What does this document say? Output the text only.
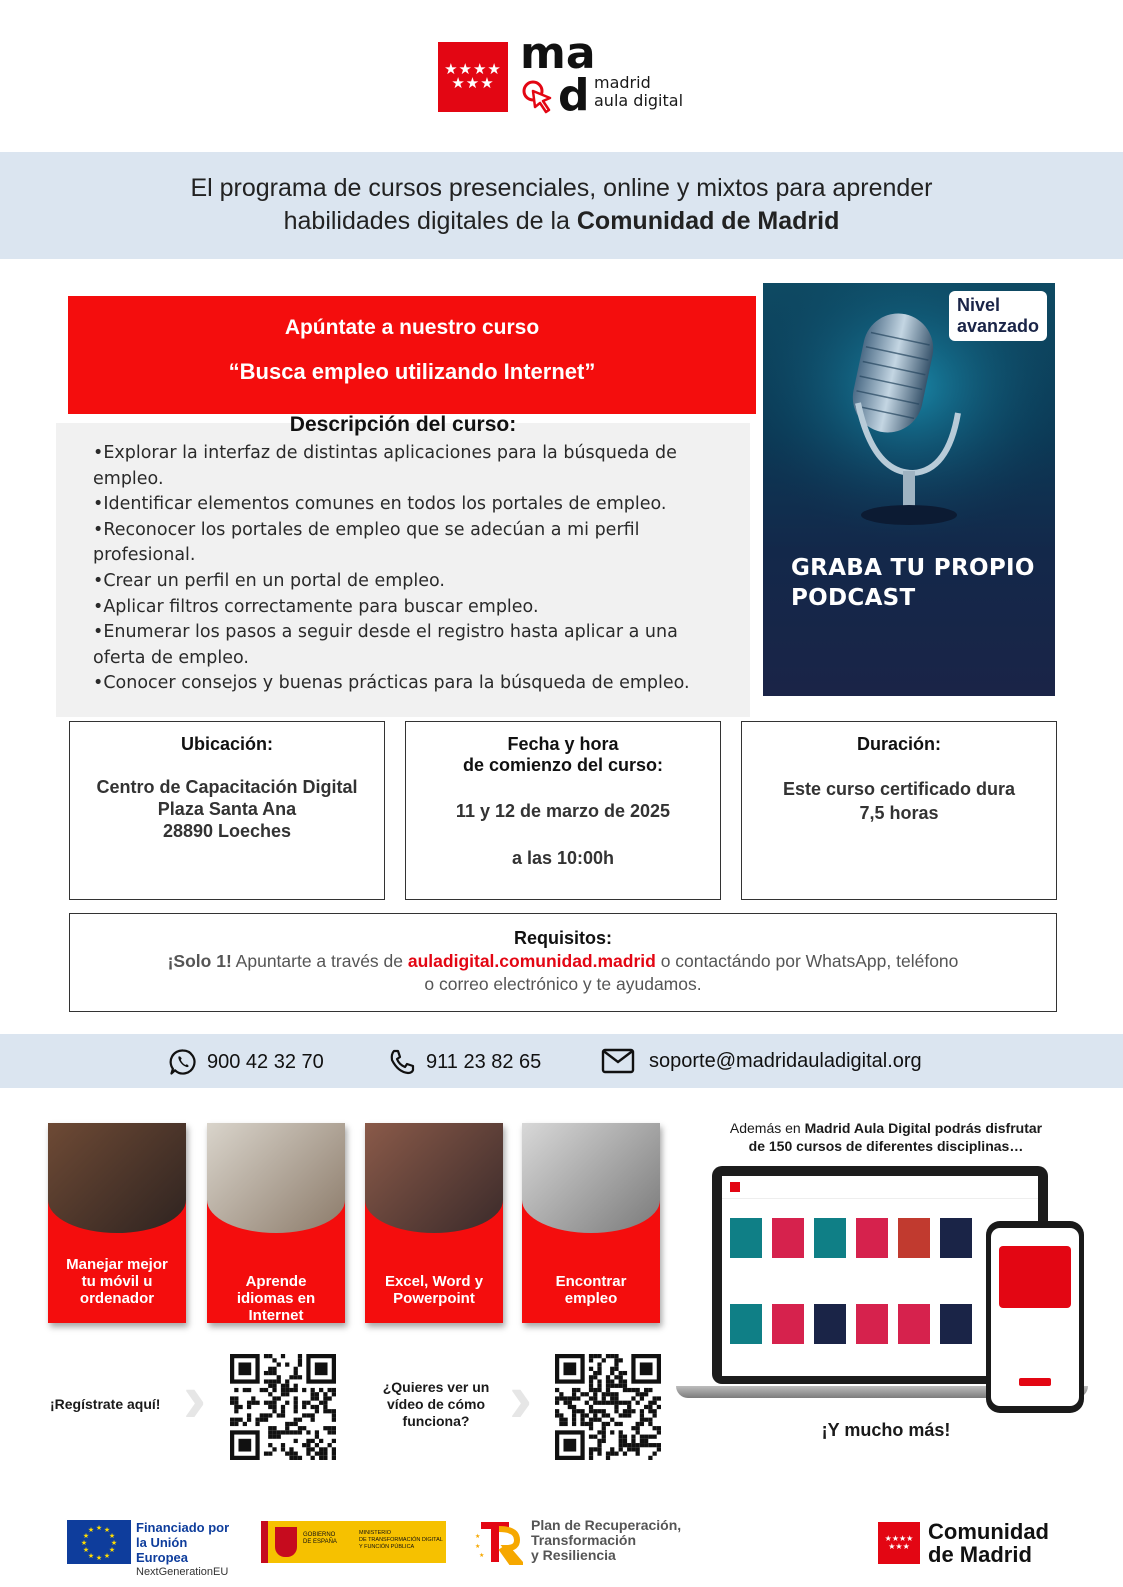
★★★★
★★★
ma
d madrid
aula digital
El programa de cursos presenciales, online y mixtos para aprender
habilidades digitales de la Comunidad de Madrid
Apúntate a nuestro curso
“Busca empleo utilizando Internet”
Descripción del curso:
•Explorar la interfaz de distintas aplicaciones para la búsqueda de empleo.
•Identificar elementos comunes en todos los portales de empleo.
•Reconocer los portales de empleo que se adecúan a mi perfil profesional.
•Crear un perfil en un portal de empleo.
•Aplicar filtros correctamente para buscar empleo.
•Enumerar los pasos a seguir desde el registro hasta aplicar a una oferta de empleo.
•Conocer consejos y buenas prácticas para la búsqueda de empleo.
Nivel
avanzado
GRABA TU PROPIO
PODCAST
Ubicación:
Centro de Capacitación Digital
Plaza Santa Ana
28890 Loeches
Fecha y hora
de comienzo del curso:
11 y 12 de marzo de 2025
a las 10:00h
Duración:
Este curso certificado dura
7,5 horas
Requisitos:
¡Solo 1! Apuntarte a través de auladigital.comunidad.madrid o contactándo por WhatsApp, teléfono
o correo electrónico y te ayudamos.
900 42 32 70	911 23 82 65	soporte@madridauladigital.org
Manejar mejor tu móvil u ordenador
Aprende idiomas en Internet
Excel, Word y Powerpoint
Encontrar empleo
¡Regístrate aquí! ›	¿Quieres ver un
vídeo de cómo
funciona? ›
Además en Madrid Aula Digital podrás disfrutar
de 150 cursos de diferentes disciplinas…
¡Y mucho más!
★ ★
★
★
★
★
★
★
★
★
★
★	Financiado por
la Unión Europea
NextGenerationEU
GOBIERNO
DE ESPAÑA
MINISTERIO
DE TRANSFORMACIÓN DIGITAL
Y FUNCIÓN PÚBLICA
★
★
★
Plan de Recuperación,
Transformación
y Resiliencia
★★★★
★★★
Comunidad
de Madrid
